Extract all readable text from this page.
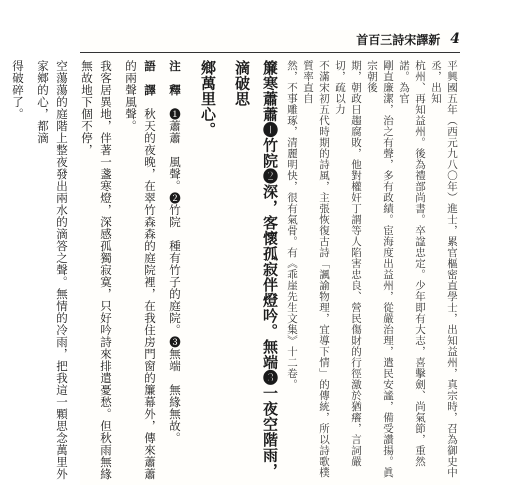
首百三詩宋譯新 4

平興國五年（西元九八〇年）進士，累官樞密直學士，出知益州，真宗時，召為御史中丞，出知

杭州、再知益州。後為禮部尚書。卒諡忠定。少年即有大志，喜擊劍、尚氣節，重然諾。為官

剛直廉潔，治之有聲，多有政績。宦海度出益州，從嚴治理，遣民安謐，備受讚揚。眞宗朝後

期，朝政日趨腐敗，他對權奸丁謂等人陷害忠良、營民傷財的行徑激於猶癢，言詞嚴切，疏以力

不滿宋初五代時期的詩風，主張恢復古詩「諷諭物理，宜導下情」的傳統，所以詩歌樸質率直自

然，不事雕琢，清麗明快，很有氣骨。有《乖崖先生文集》十二卷。

簾寒蕭蕭❶竹院❷深，客懷孤寂伴燈吟。無端❸一夜空階雨，滴破思

鄉萬里心。

注　釋　❶蕭蕭　風聲。❷竹院　種有竹子的庭院。❸無端　無緣無故。

語　譯　秋天的夜晚，在翠竹森森的庭院裡，在我住房門窗的簾幕外，傳來蕭蕭的兩聲風聲。

我客居異地，伴著一盞寒燈，深感孤獨寂寞，只好吟詩來排遣憂愁。但秋雨無緣無故地下個不停，

空蕩蕩的庭階上整夜發出兩水的滴答之聲。無情的冷雨，把我這一顆思念萬里外家鄉的心，都滴

得破碎了。
